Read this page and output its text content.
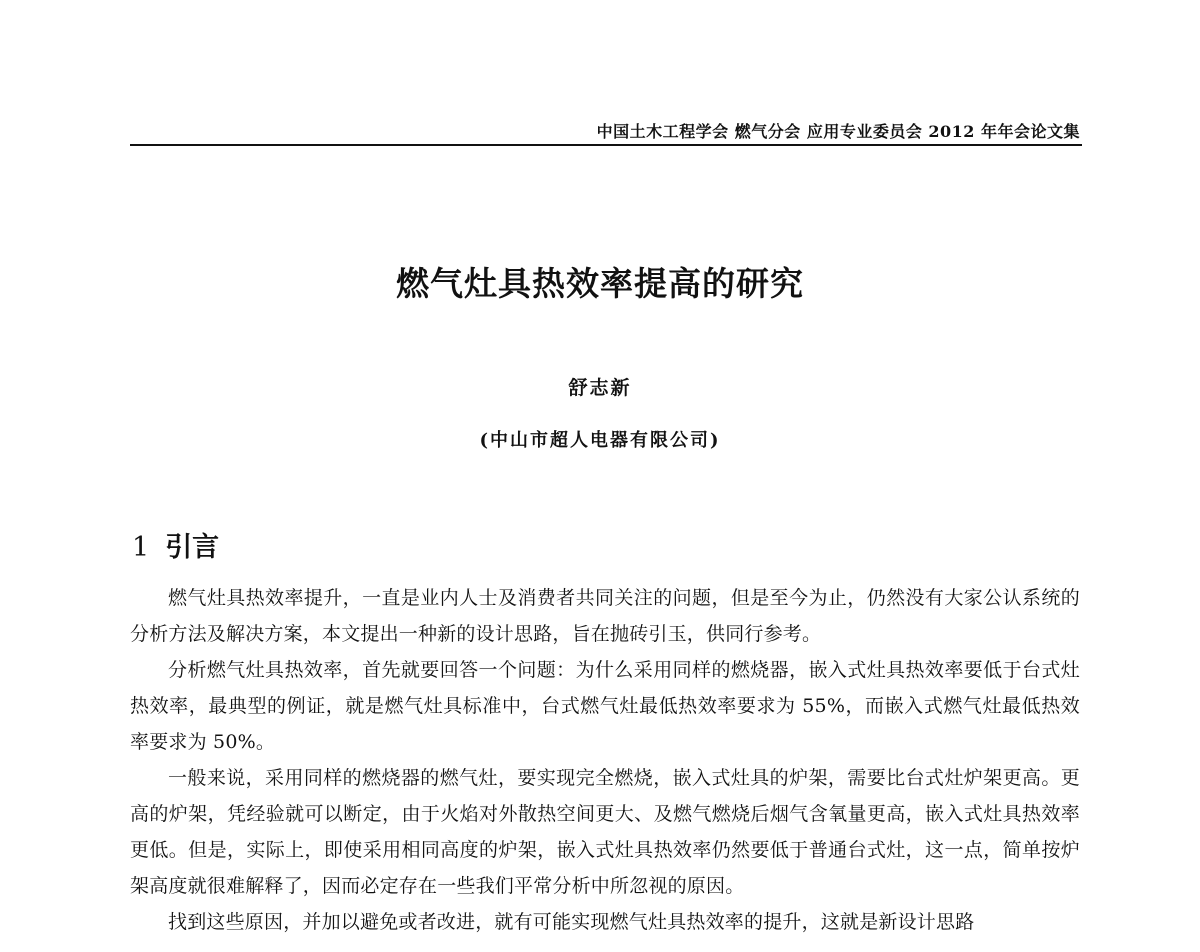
中国土木工程学会 燃气分会 应用专业委员会 2012 年年会论文集
燃气灶具热效率提高的研究
舒志新
(中山市超人电器有限公司)
1 引言

燃气灶具热效率提升，一直是业内人士及消费者共同关注的问题，但是至今为止，仍然没有大家公认系统的分析方法及解决方案，本文提出一种新的设计思路，旨在抛砖引玉，供同行参考。

分析燃气灶具热效率，首先就要回答一个问题：为什么采用同样的燃烧器，嵌入式灶具热效率要低于台式灶热效率，最典型的例证，就是燃气灶具标准中，台式燃气灶最低热效率要求为 55%，而嵌入式燃气灶最低热效率要求为 50%。

一般来说，采用同样的燃烧器的燃气灶，要实现完全燃烧，嵌入式灶具的炉架，需要比台式灶炉架更高。更高的炉架，凭经验就可以断定，由于火焰对外散热空间更大、及燃气燃烧后烟气含氧量更高，嵌入式灶具热效率更低。但是，实际上，即使采用相同高度的炉架，嵌入式灶具热效率仍然要低于普通台式灶，这一点，简单按炉架高度就很难解释了，因而必定存在一些我们平常分析中所忽视的原因。

找到这些原因，并加以避免或者改进，就有可能实现燃气灶具热效率的提升，这就是新设计思路
